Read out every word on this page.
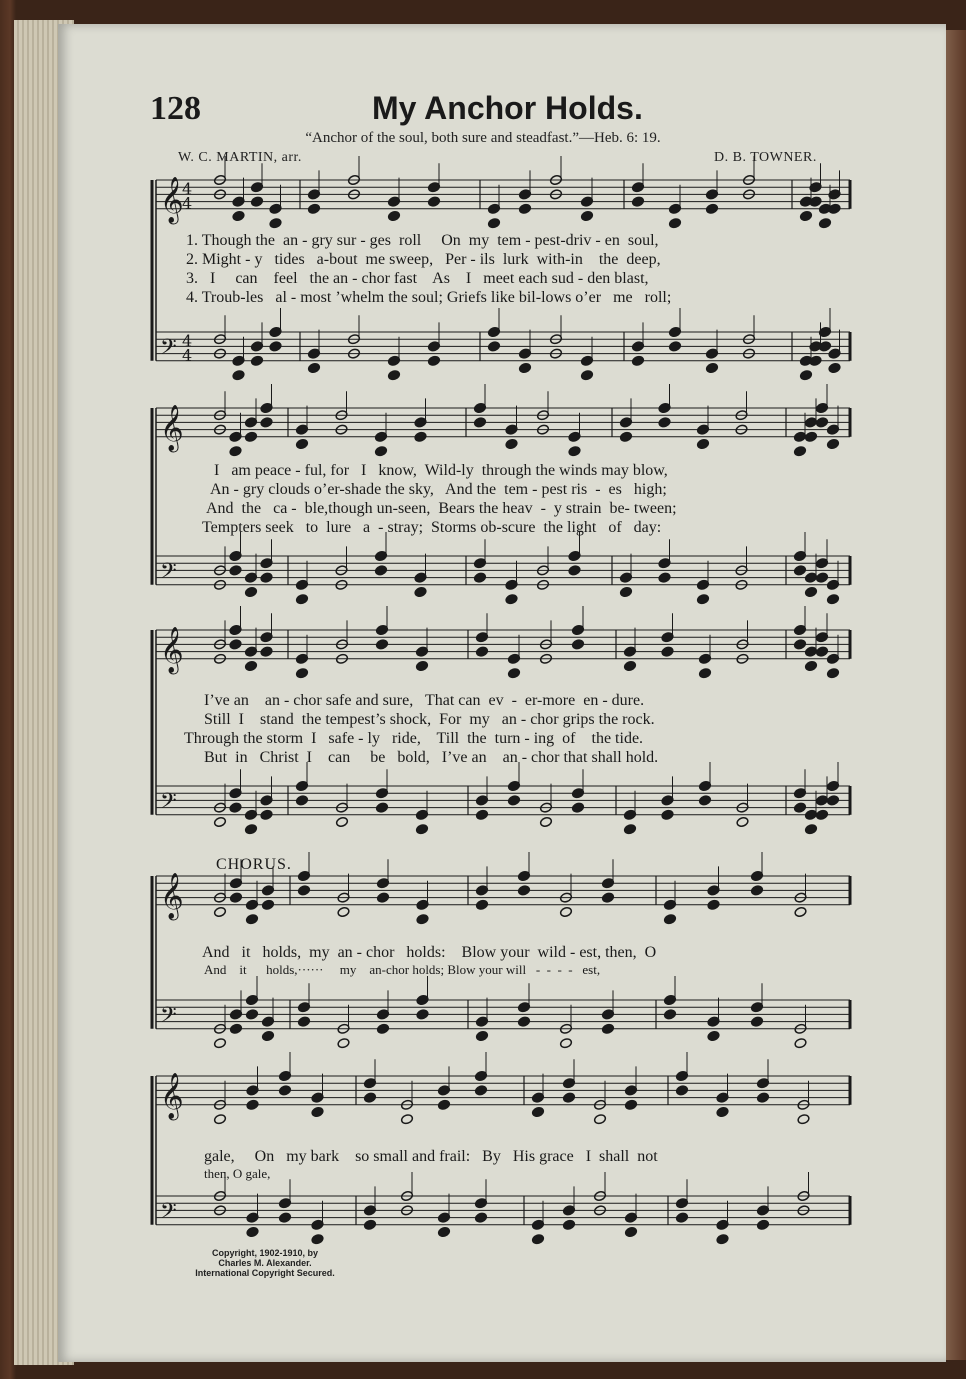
128	My Anchor Holds.
“Anchor of the soul, both sure and steadfast.”—Heb. 6: 19.
W. C. MARTIN, arr.	D. B. TOWNER.
𝄞
𝄢
4
4
4
4
𝄞
𝄢
𝄞
𝄢
𝄞
𝄢
𝄞
𝄢
1. Though the  an - gry sur - ges  roll     On  my  tem - pest-driv - en  soul,
2. Might - y   tides   a-bout  me sweep,   Per - ils  lurk  with-in    the  deep,
3.   I     can    feel   the an - chor fast    As    I   meet each sud - den blast,
4. Troub-les   al - most ’whelm the soul; Griefs like bil-lows o’er   me   roll;
I   am peace - ful, for   I   know,  Wild-ly  through the winds may blow,
An - gry clouds o’er-shade the sky,   And the  tem - pest ris  -  es   high;
And  the   ca -  ble,though un-seen,  Bears the heav  -  y strain  be- tween;
Tempters seek   to  lure   a  - stray;  Storms ob-scure  the light   of   day:
I’ve an    an - chor safe and sure,   That can  ev  -  er-more  en - dure.
Still  I    stand  the tempest’s shock,  For  my   an - chor grips the rock.
Through the storm  I   safe - ly   ride,    Till  the  turn - ing  of    the tide.
But  in   Christ  I    can     be   bold,   I’ve an    an - chor that shall hold.
CHORUS.
And   it   holds,  my  an - chor   holds:    Blow your  wild - est, then,  O
And    it      holds,······     my    an-chor holds; Blow your will   -  -  -  -   est,
gale,     On   my bark    so small and frail:   By   His grace   I  shall  not
then, O gale,
Copyright, 1902-1910, by
Charles M. Alexander.
International Copyright Secured.
